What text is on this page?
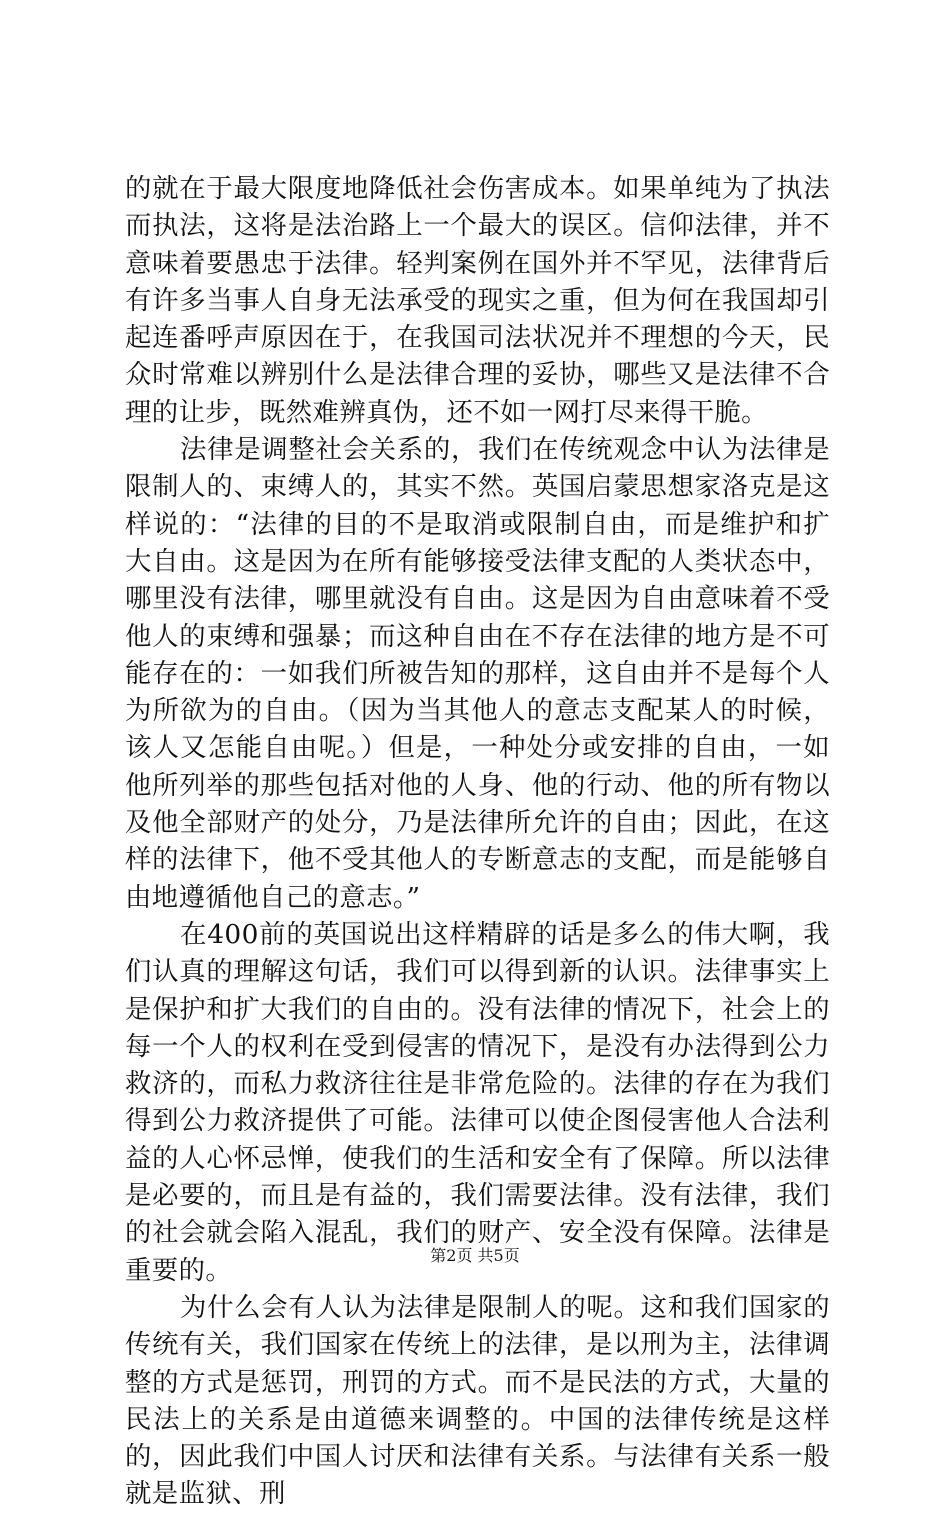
的就在于最大限度地降低社会伤害成本。如果单纯为了执法而执法，这将是法治路上一个最大的误区。信仰法律，并不意味着要愚忠于法律。轻判案例在国外并不罕见，法律背后有许多当事人自身无法承受的现实之重，但为何在我国却引起连番呼声原因在于，在我国司法状况并不理想的今天，民众时常难以辨别什么是法律合理的妥协，哪些又是法律不合理的让步，既然难辨真伪，还不如一网打尽来得干脆。

法律是调整社会关系的，我们在传统观念中认为法律是限制人的、束缚人的，其实不然。英国启蒙思想家洛克是这样说的：“法律的目的不是取消或限制自由，而是维护和扩大自由。这是因为在所有能够接受法律支配的人类状态中，哪里没有法律，哪里就没有自由。这是因为自由意味着不受他人的束缚和强暴；而这种自由在不存在法律的地方是不可能存在的：一如我们所被告知的那样，这自由并不是每个人为所欲为的自由。（因为当其他人的意志支配某人的时候，该人又怎能自由呢。）但是，一种处分或安排的自由，一如他所列举的那些包括对他的人身、他的行动、他的所有物以及他全部财产的处分，乃是法律所允许的自由；因此，在这样的法律下，他不受其他人的专断意志的支配，而是能够自由地遵循他自己的意志。”

在400前的英国说出这样精辟的话是多么的伟大啊，我们认真的理解这句话，我们可以得到新的认识。法律事实上是保护和扩大我们的自由的。没有法律的情况下，社会上的每一个人的权利在受到侵害的情况下，是没有办法得到公力救济的，而私力救济往往是非常危险的。法律的存在为我们得到公力救济提供了可能。法律可以使企图侵害他人合法利益的人心怀忌惮，使我们的生活和安全有了保障。所以法律是必要的，而且是有益的，我们需要法律。没有法律，我们的社会就会陷入混乱，我们的财产、安全没有保障。法律是重要的。

为什么会有人认为法律是限制人的呢。这和我们国家的传统有关，我们国家在传统上的法律，是以刑为主，法律调整的方式是惩罚，刑罚的方式。而不是民法的方式，大量的民法上的关系是由道德来调整的。中国的法律传统是这样的，因此我们中国人讨厌和法律有关系。与法律有关系一般就是监狱、刑

第2页 共5页
